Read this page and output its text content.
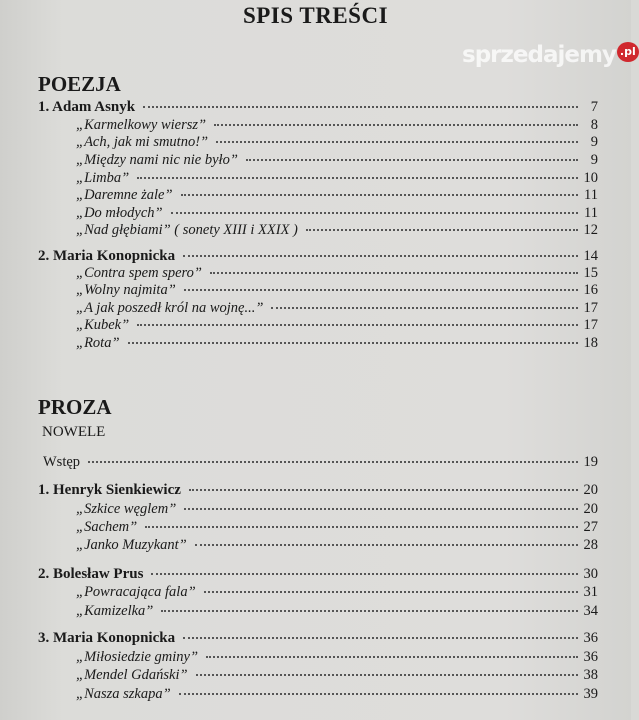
SPIS TREŚCI
POEZJA
PROZA
NOWELE
1. Adam Asnyk	7
„Karmelkowy wiersz”	8
„Ach, jak mi smutno!”	9
„Między nami nic nie było”	9
„Limba”	10
„Daremne żale”	11
„Do młodych”	11
„Nad głębiami” ( sonety XIII i XXIX )	12
2. Maria Konopnicka	14
„Contra spem spero”	15
„Wolny najmita”	16
„A jak poszedł król na wojnę...”	17
„Kubek”	17
„Rota”	18
Wstęp	19
1. Henryk Sienkiewicz	20
„Szkice węglem”	20
„Sachem”	27
„Janko Muzykant”	28
2. Bolesław Prus	30
„Powracająca fala”	31
„Kamizelka”	34
3. Maria Konopnicka	36
„Miłosiedzie gminy”	36
„Mendel Gdański”	38
„Nasza szkapa”	39
sprzedajemy .pl
